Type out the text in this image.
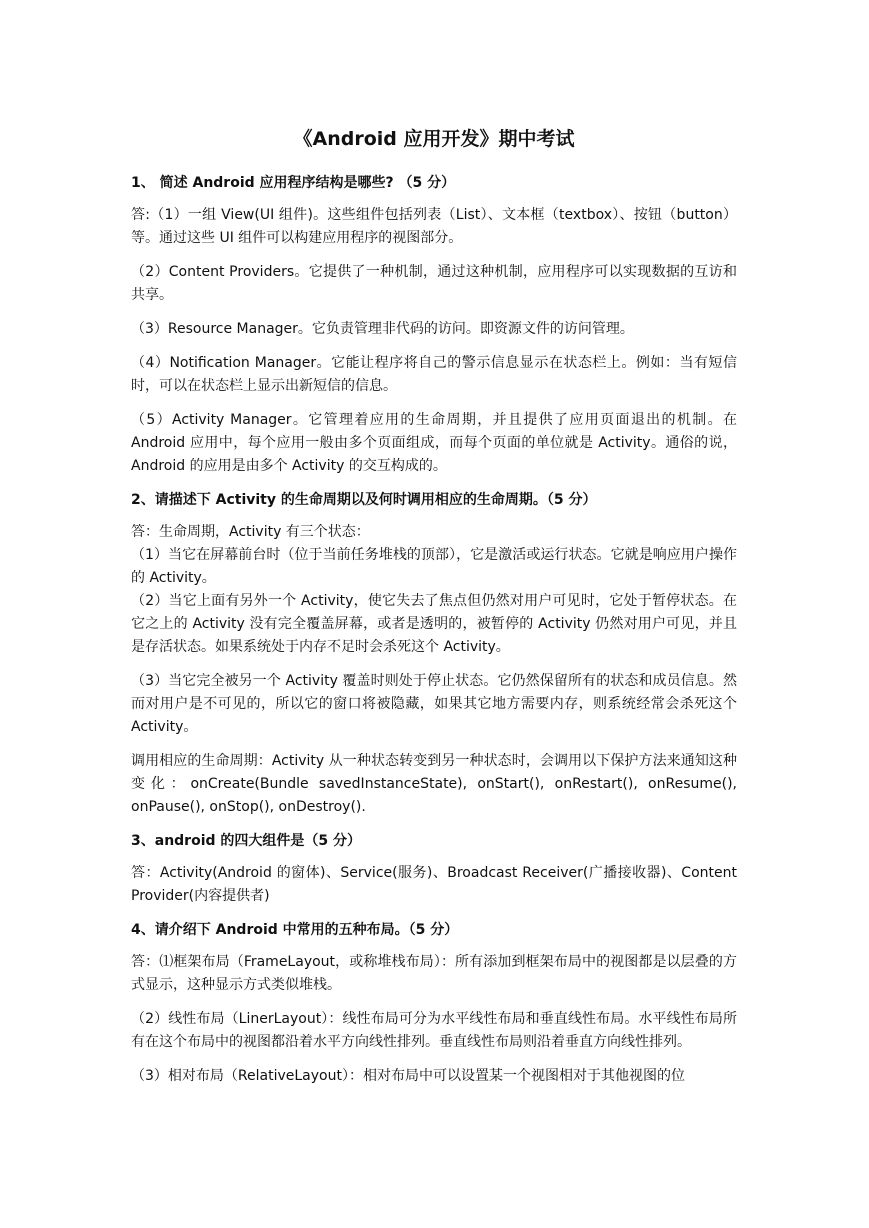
《Android 应用开发》期中考试
1、 简述 Android 应用程序结构是哪些? （5 分）
答:（1）一组 View(UI 组件)。这些组件包括列表（List）、文本框（textbox）、按钮（button）等。通过这些 UI 组件可以构建应用程序的视图部分。
（2）Content Providers。它提供了一种机制，通过这种机制，应用程序可以实现数据的互访和共享。
（3）Resource Manager。它负责管理非代码的访问。即资源文件的访问管理。
（4）Notification Manager。它能让程序将自己的警示信息显示在状态栏上。例如：当有短信时，可以在状态栏上显示出新短信的信息。
（5）Activity Manager。它管理着应用的生命周期，并且提供了应用页面退出的机制。在 Android 应用中，每个应用一般由多个页面组成，而每个页面的单位就是 Activity。通俗的说，Android 的应用是由多个 Activity 的交互构成的。
2、请描述下 Activity 的生命周期以及何时调用相应的生命周期。（5 分）
答：生命周期，Activity 有三个状态：
（1）当它在屏幕前台时（位于当前任务堆栈的顶部），它是激活或运行状态。它就是响应用户操作的 Activity。
（2）当它上面有另外一个 Activity，使它失去了焦点但仍然对用户可见时，它处于暂停状态。在它之上的 Activity 没有完全覆盖屏幕，或者是透明的，被暂停的 Activity 仍然对用户可见，并且是存活状态。如果系统处于内存不足时会杀死这个 Activity。
（3）当它完全被另一个 Activity 覆盖时则处于停止状态。它仍然保留所有的状态和成员信息。然而对用户是不可见的，所以它的窗口将被隐藏，如果其它地方需要内存，则系统经常会杀死这个 Activity。
调用相应的生命周期：Activity 从一种状态转变到另一种状态时，会调用以下保护方法来通知这种变化：onCreate(Bundle savedInstanceState), onStart(), onRestart(), onResume(), onPause(), onStop(), onDestroy().
3、android 的四大组件是（5 分）
答：Activity(Android 的窗体)、Service(服务)、Broadcast Receiver(广播接收器)、Content Provider(内容提供者)
4、请介绍下 Android 中常用的五种布局。（5 分）
答：⑴框架布局（FrameLayout，或称堆栈布局）：所有添加到框架布局中的视图都是以层叠的方式显示，这种显示方式类似堆栈。
（2）线性布局（LinerLayout）：线性布局可分为水平线性布局和垂直线性布局。水平线性布局所有在这个布局中的视图都沿着水平方向线性排列。垂直线性布局则沿着垂直方向线性排列。
（3）相对布局（RelativeLayout）：相对布局中可以设置某一个视图相对于其他视图的位
